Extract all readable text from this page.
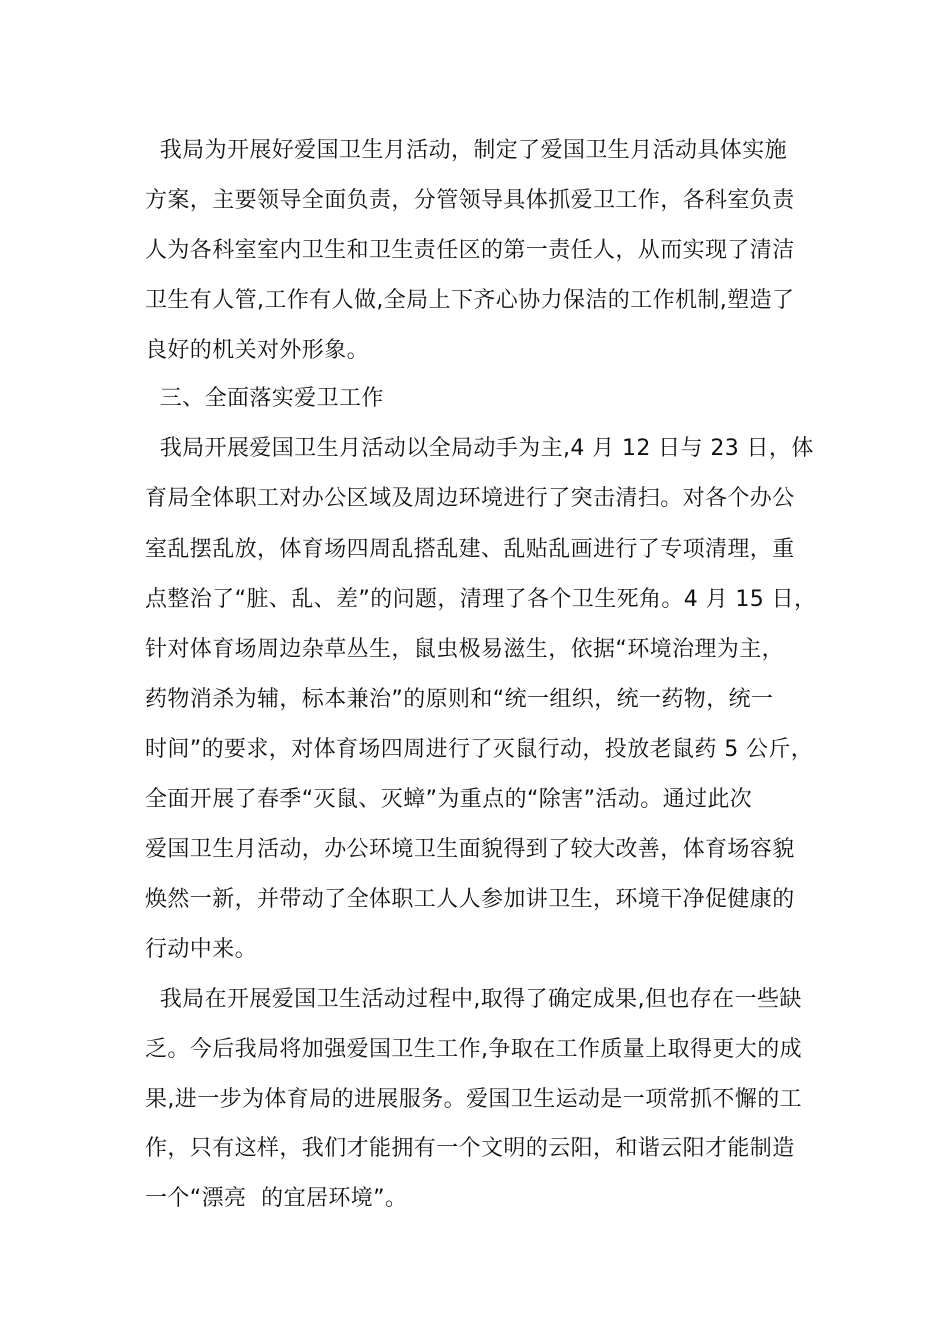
我局为开展好爱国卫生月活动，制定了爱国卫生月活动具体实施
方案，主要领导全面负责，分管领导具体抓爱卫工作，各科室负责
人为各科室室内卫生和卫生责任区的第一责任人，从而实现了清洁
卫生有人管,工作有人做,全局上下齐心协力保洁的工作机制,塑造了
良好的机关对外形象。
三、全面落实爱卫工作
我局开展爱国卫生月活动以全局动手为主,4 月 12 日与 23 日，体
育局全体职工对办公区域及周边环境进行了突击清扫。对各个办公
室乱摆乱放，体育场四周乱搭乱建、乱贴乱画进行了专项清理，重
点整治了“脏、乱、差”的问题，清理了各个卫生死角。4 月 15 日，
针对体育场周边杂草丛生，鼠虫极易滋生，依据“环境治理为主，
药物消杀为辅，标本兼治”的原则和“统一组织，统一药物，统一
时间”的要求，对体育场四周进行了灭鼠行动，投放老鼠药 5 公斤，
全面开展了春季“灭鼠、灭蟑”为重点的“除害”活动。通过此次
爱国卫生月活动，办公环境卫生面貌得到了较大改善，体育场容貌
焕然一新，并带动了全体职工人人参加讲卫生，环境干净促健康的
行动中来。
我局在开展爱国卫生活动过程中,取得了确定成果,但也存在一些缺
乏。今后我局将加强爱国卫生工作,争取在工作质量上取得更大的成
果,进一步为体育局的进展服务。爱国卫生运动是一项常抓不懈的工
作，只有这样，我们才能拥有一个文明的云阳，和谐云阳才能制造
一个“漂亮  的宜居环境”。
